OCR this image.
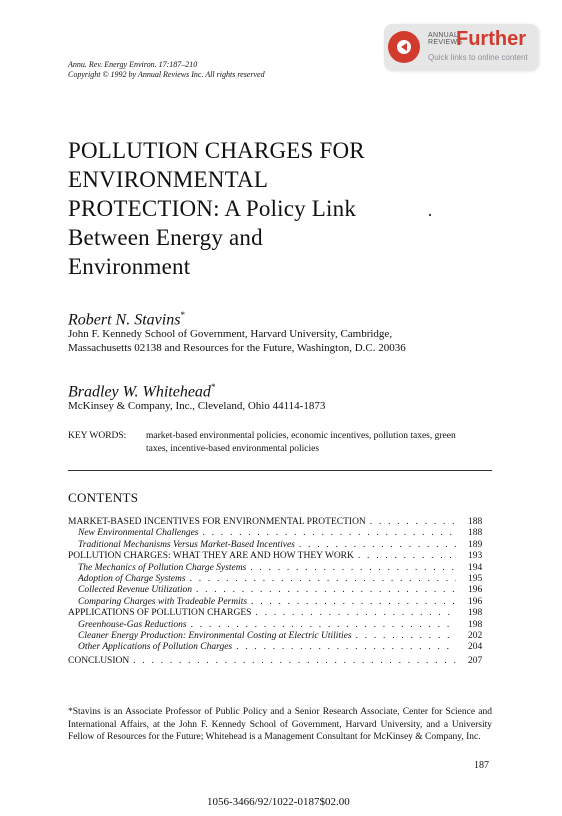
ANNUAL
REVIEWS
Further
Quick links to online content
Annu. Rev. Energy Environ. 17:187–210
Copyright © 1992 by Annual Reviews Inc. All rights reserved
POLLUTION CHARGES FOR
ENVIRONMENTAL
PROTECTION: A Policy Link
Between Energy and
Environment
Robert N. Stavins*
John F. Kennedy School of Government, Harvard University, Cambridge,
Massachusetts 02138 and Resources for the Future, Washington, D.C. 20036
Bradley W. Whitehead*
McKinsey & Company, Inc., Cleveland, Ohio 44114-1873
KEY WORDS: market-based environmental policies, economic incentives, pollution taxes, green
taxes, incentive-based environmental policies
CONTENTS
MARKET-BASED INCENTIVES FOR ENVIRONMENTAL PROTECTION . . .	188
New Environmental Challenges . . .	188
Traditional Mechanisms Versus Market-Based Incentives . . .	189
POLLUTION CHARGES: WHAT THEY ARE AND HOW THEY WORK . . .	193
The Mechanics of Pollution Charge Systems . . .	194
Adoption of Charge Systems . . .	195
Collected Revenue Utilization . . .	196
Comparing Charges with Tradeable Permits . . .	196
APPLICATIONS OF POLLUTION CHARGES . . .	198
Greenhouse-Gas Reductions . . .	198
Cleaner Energy Production: Environmental Costing at Electric Utilities . . .	202
Other Applications of Pollution Charges . . .	204
CONCLUSION . . .	207
*Stavins is an Associate Professor of Public Policy and a Senior Research Associate, Center for Science and International Affairs, at the John F. Kennedy School of Government, Harvard University, and a University Fellow of Resources for the Future; Whitehead is a Management Consultant for McKinsey & Company, Inc.
187
1056-3466/92/1022-0187$02.00
